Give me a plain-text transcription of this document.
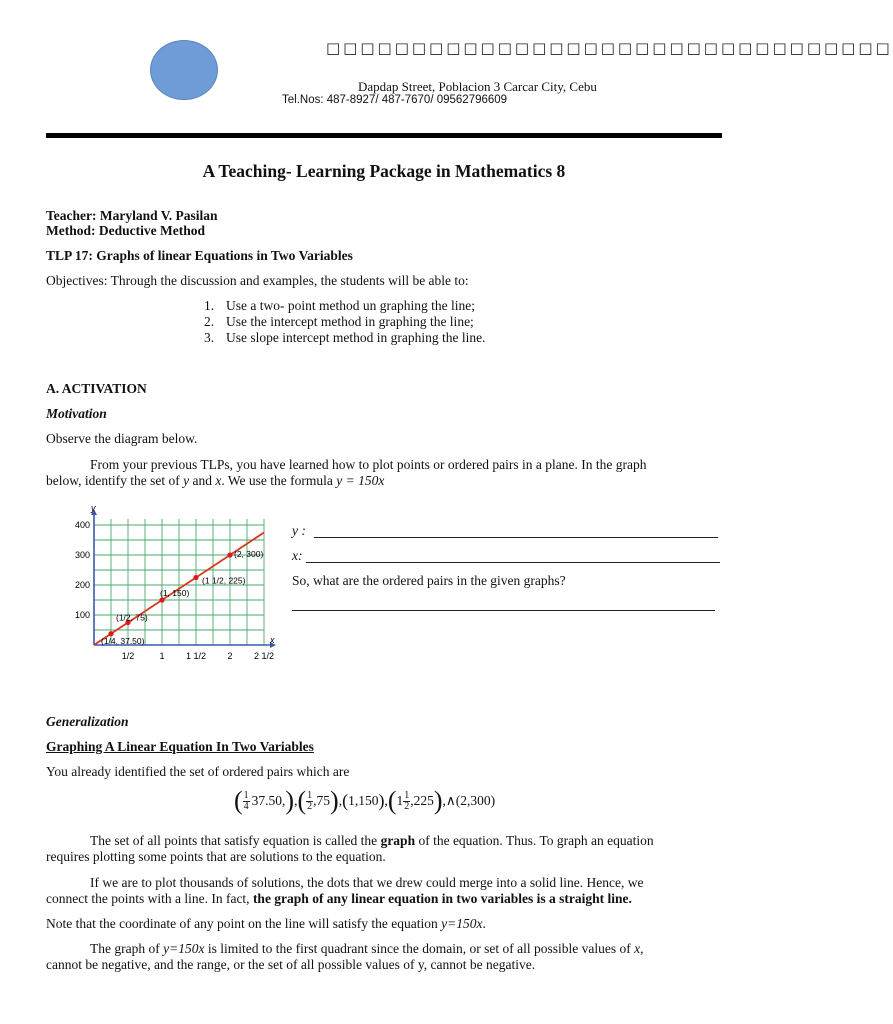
□□□□□□□□□□□□□□□□□□□□□□□□□□□□□□□□□
Dapdap Street, Poblacion 3 Carcar City, Cebu
Tel.Nos: 487-8927/ 487-7670/ 09562796609
A Teaching- Learning Package in Mathematics 8
Teacher: Maryland V. Pasilan
Method: Deductive Method
TLP 17: Graphs of linear Equations in Two Variables
Objectives: Through the discussion and examples, the students will be able to:
1. Use a two- point method un graphing the line;
2. Use the intercept method in graphing the line;
3. Use slope intercept method in graphing the line.
A. ACTIVATION
Motivation
Observe the diagram below.
From your previous TLPs, you have learned how to plot points or ordered pairs in a plane. In the graph
below, identify the set of y and x. We use the formula y = 150x
y
x
100
200
300
400
1/2	1 1 1/2 2 2 1/2
(1/4, 37.50)
(1/2, 75)
(1, 150)
(1 1/2, 225)
(2, 300)
y :
x:
So, what are the ordered pairs in the given graphs?
Generalization
Graphing A Linear Equation In Two Variables
You already identified the set of ordered pairs which are
( $\frac{1}{4} 37.50,),( \frac{1}{2} ,75),(1,150),(1 \frac{1}{2}$ ,225),∧(2,300)
The set of all points that satisfy equation is called the graph of the equation. Thus. To graph an equation
requires plotting some points that are solutions to the equation.
If we are to plot thousands of solutions, the dots that we drew could merge into a solid line. Hence, we
connect the points with a line. In fact, the graph of any linear equation in two variables is a straight line.
Note that the coordinate of any point on the line will satisfy the equation y=150x.
The graph of y=150x is limited to the first quadrant since the domain, or set of all possible values of x,
cannot be negative, and the range, or the set of all possible values of y, cannot be negative.
